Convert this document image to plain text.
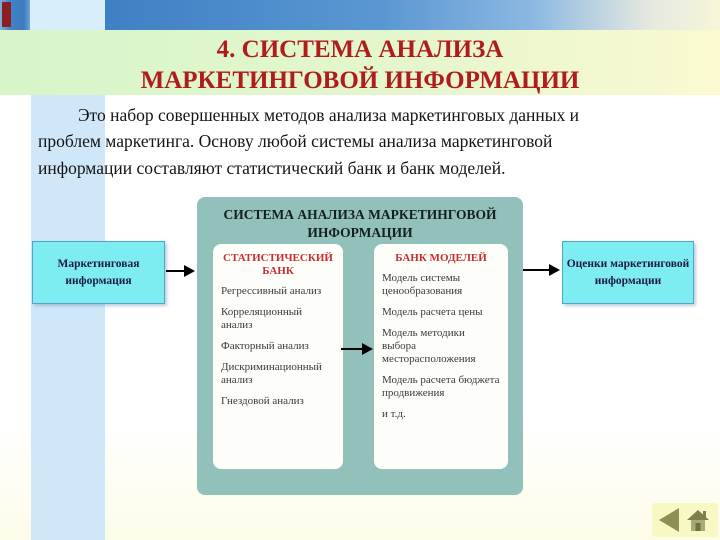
4. СИСТЕМА АНАЛИЗА
МАРКЕТИНГОВОЙ ИНФОРМАЦИИ
Это набор совершенных методов анализа маркетинговых данных и
проблем маркетинга. Основу любой системы анализа маркетинговой
информации составляют статистический банк и банк моделей.
СИСТЕМА АНАЛИЗА МАРКЕТИНГОВОЙ ИНФОРМАЦИИ
СТАТИСТИЧЕСКИЙ БАНК
Регрессивный анализ
Корреляционный анализ
Факторный анализ
Дискриминационный анализ
Гнездовой анализ
БАНК МОДЕЛЕЙ
Модель системы ценообразования
Модель расчета цены
Модель методики выбора месторасположения
Модель расчета бюджета продвижения
и т.д.
Маркетинговая информация
Оценки маркетинговой информации
